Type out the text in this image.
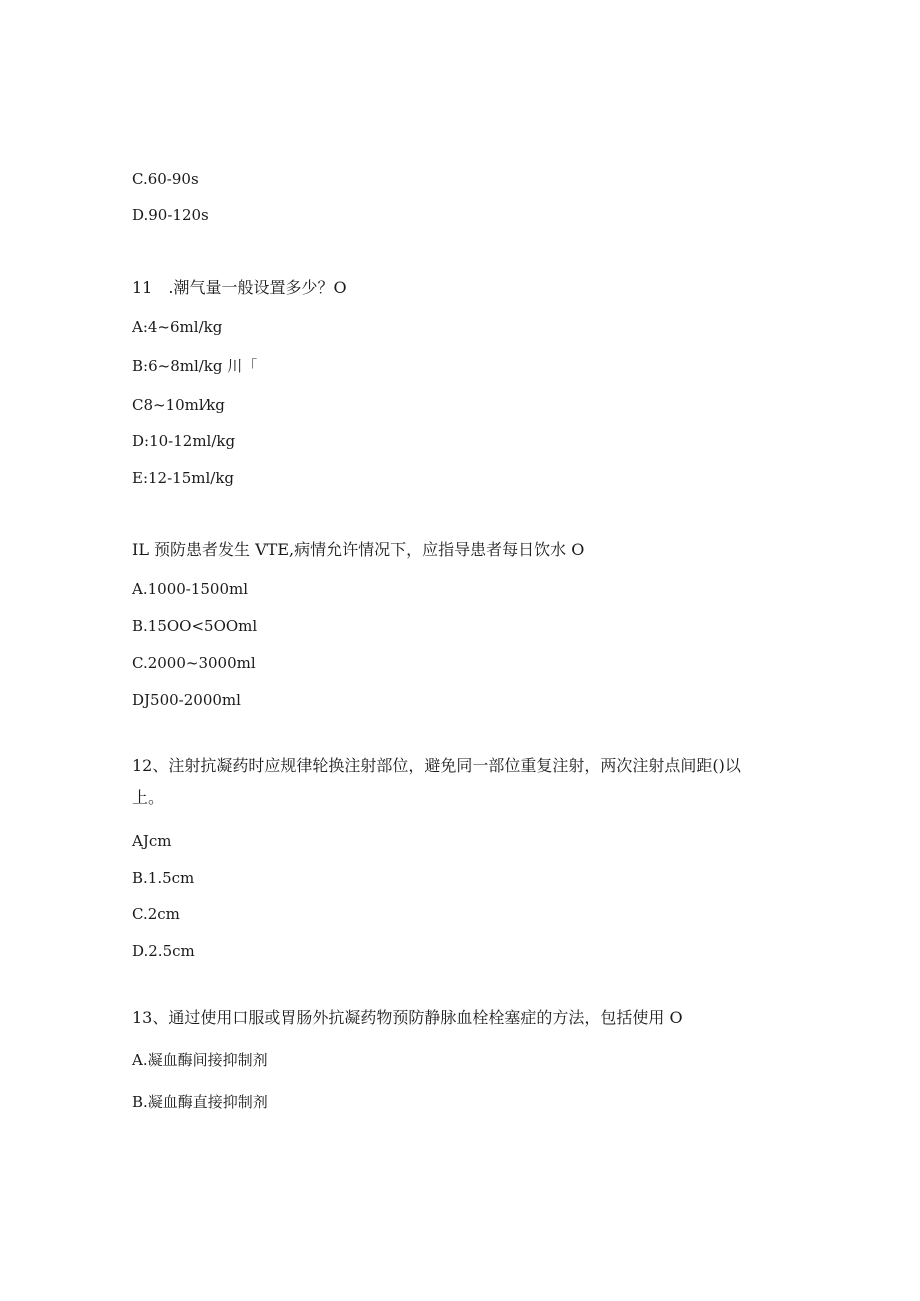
C.60-90s
D.90-120s
11　.潮气量一般设置多少？O
A:4~6ml/kg
B:6~8ml/kg 川「
C8~10ml⁄kg
D:10-12ml/kg
E:12-15ml/kg
IL 预防患者发生 VTE,病情允许情况下，应指导患者每日饮水 O
A.1000-1500ml
B.15OO<5OOml
C.2000~3000ml
DJ500-2000ml
12、注射抗凝药时应规律轮换注射部位，避免同一部位重复注射，两次注射点间距()以
上。
AJcm
B.1.5cm
C.2cm
D.2.5cm
13、通过使用口服或胃肠外抗凝药物预防静脉血栓栓塞症的方法，包括使用 O
A.凝血酶间接抑制剂
B.凝血酶直接抑制剂
